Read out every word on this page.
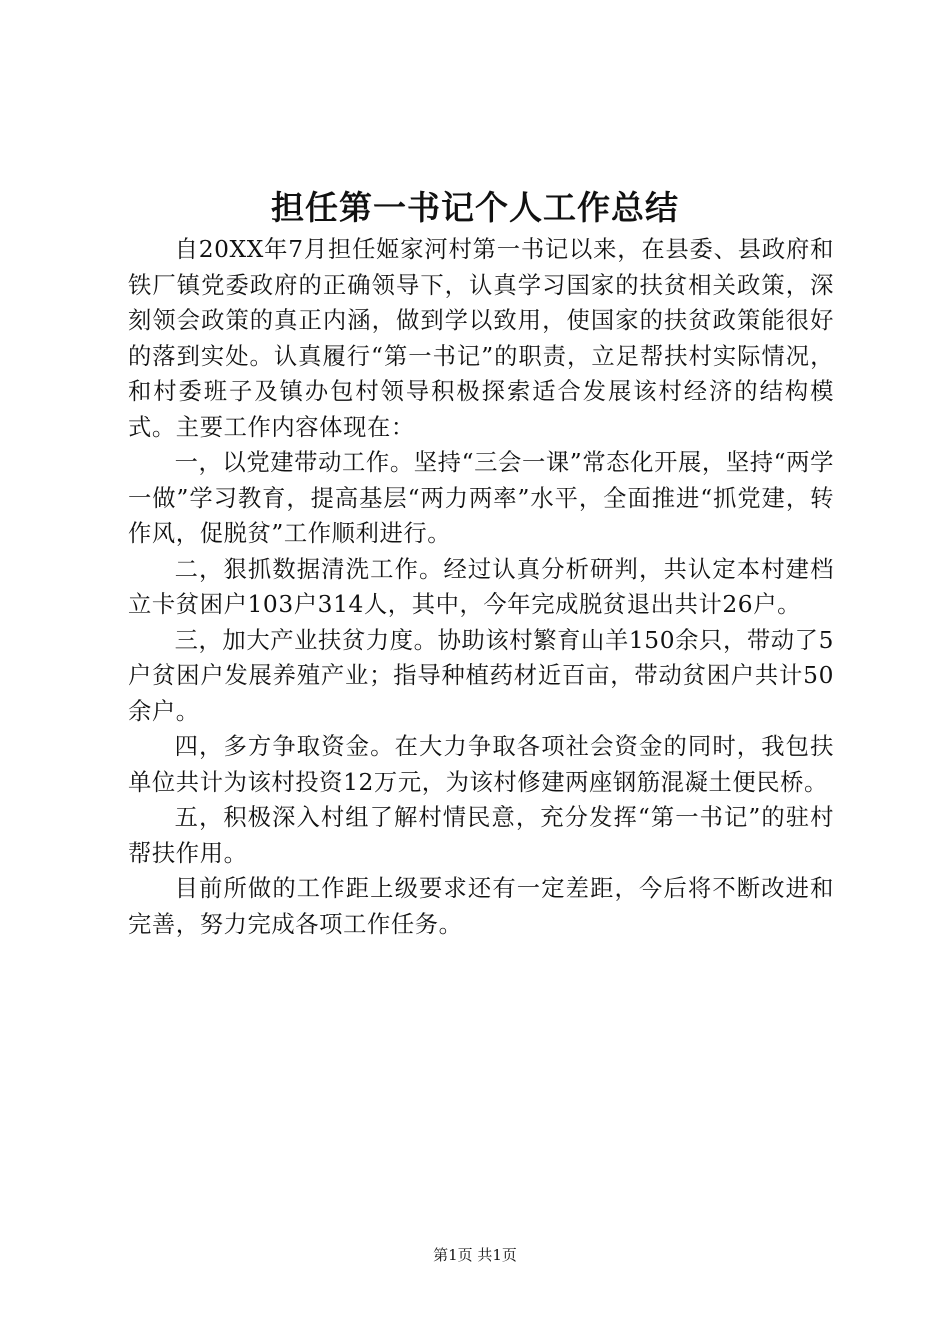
担任第一书记个人工作总结

自20XX年7月担任姬家河村第一书记以来，在县委、县政府和铁厂镇党委政府的正确领导下，认真学习国家的扶贫相关政策，深刻领会政策的真正内涵，做到学以致用，使国家的扶贫政策能很好的落到实处。认真履行“第一书记”的职责，立足帮扶村实际情况，和村委班子及镇办包村领导积极探索适合发展该村经济的结构模式。主要工作内容体现在：

一，以党建带动工作。坚持“三会一课”常态化开展，坚持“两学一做”学习教育，提高基层“两力两率”水平，全面推进“抓党建，转作风，促脱贫”工作顺利进行。

二，狠抓数据清洗工作。经过认真分析研判，共认定本村建档立卡贫困户103户314人，其中，今年完成脱贫退出共计26户。

三，加大产业扶贫力度。协助该村繁育山羊150余只，带动了5户贫困户发展养殖产业；指导种植药材近百亩，带动贫困户共计50余户。

四，多方争取资金。在大力争取各项社会资金的同时，我包扶单位共计为该村投资12万元，为该村修建两座钢筋混凝土便民桥。

五，积极深入村组了解村情民意，充分发挥“第一书记”的驻村帮扶作用。

目前所做的工作距上级要求还有一定差距，今后将不断改进和完善，努力完成各项工作任务。

第1页 共1页
